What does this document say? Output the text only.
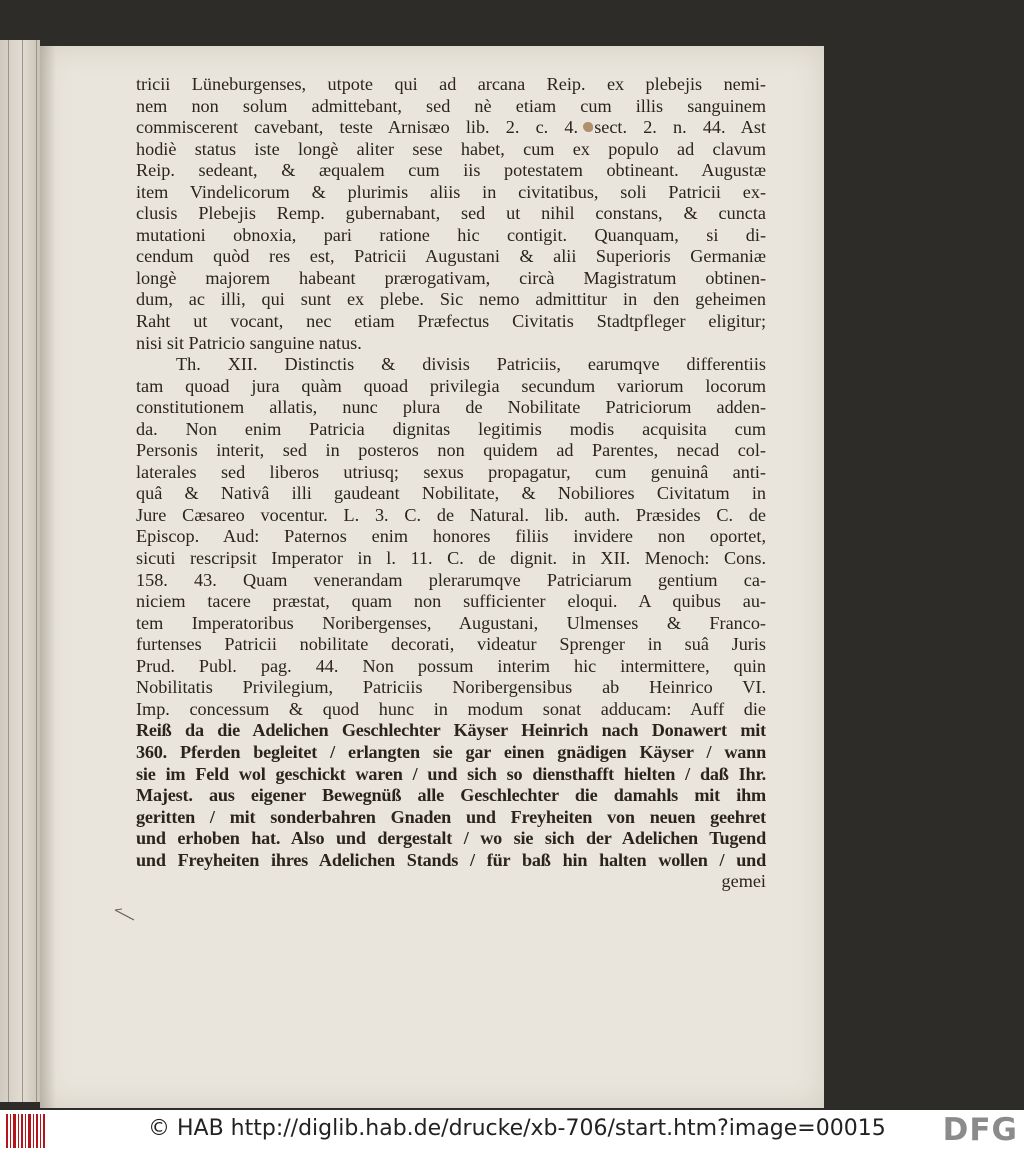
tricii Lüneburgenses, utpote qui ad arcana Reip. ex plebejis nemi-
nem non solum admittebant, sed nè etiam cum illis sanguinem
commiscerent cavebant, teste Arnisæo lib. 2. c. 4. sect. 2. n. 44. Ast
hodiè status iste longè aliter sese habet, cum ex populo ad clavum
Reip. sedeant, & æqualem cum iis potestatem obtineant. Augustæ
item Vindelicorum & plurimis aliis in civitatibus, soli Patricii ex-
clusis Plebejis Remp. gubernabant, sed ut nihil constans, & cuncta
mutationi obnoxia, pari ratione hic contigit. Quanquam, si di-
cendum quòd res est, Patricii Augustani & alii Superioris Germaniæ
longè majorem habeant prærogativam, circà Magistratum obtinen-
dum, ac illi, qui sunt ex plebe. Sic nemo admittitur in den geheimen
Raht ut vocant, nec etiam Præfectus Civitatis Stadtpfleger eligitur;
nisi sit Patricio sanguine natus.
Th. XII. Distinctis & divisis Patriciis, earumqve differentiis
tam quoad jura quàm quoad privilegia secundum variorum locorum
constitutionem allatis, nunc plura de Nobilitate Patriciorum adden-
da. Non enim Patricia dignitas legitimis modis acquisita cum
Personis interit, sed in posteros non quidem ad Parentes, necad col-
laterales sed liberos utriusq; sexus propagatur, cum genuinâ anti-
quâ & Nativâ illi gaudeant Nobilitate, & Nobiliores Civitatum in
Jure Cæsareo vocentur. L. 3. C. de Natural. lib. auth. Præsides C. de
Episcop. Aud: Paternos enim honores filiis invidere non oportet,
sicuti rescripsit Imperator in l. 11. C. de dignit. in XII. Menoch: Cons.
158. 43. Quam venerandam plerarumqve Patriciarum gentium ca-
niciem tacere præstat, quam non sufficienter eloqui. A quibus au-
tem Imperatoribus Noribergenses, Augustani, Ulmenses & Franco-
furtenses Patricii nobilitate decorati, videatur Sprenger in suâ Juris
Prud. Publ. pag. 44. Non possum interim hic intermittere, quin
Nobilitatis Privilegium, Patriciis Noribergensibus ab Heinrico VI.
Imp. concessum & quod hunc in modum sonat adducam: Auff die
Reiß da die Adelichen Geschlechter Käyser Heinrich nach Donawert mit
360. Pferden begleitet / erlangten sie gar einen gnädigen Käyser / wann
sie im Feld wol geschickt waren / und sich so diensthafft hielten / daß Ihr.
Majest. aus eigener Bewegnüß alle Geschlechter die damahls mit ihm
geritten / mit sonderbahren Gnaden und Freyheiten von neuen geehret
und erhoben hat. Also und dergestalt / wo sie sich der Adelichen Tugend
und Freyheiten ihres Adelichen Stands / für baß hin halten wollen / und
gemei
© HAB http://diglib.hab.de/drucke/xb-706/start.htm?image=00015	DFG
